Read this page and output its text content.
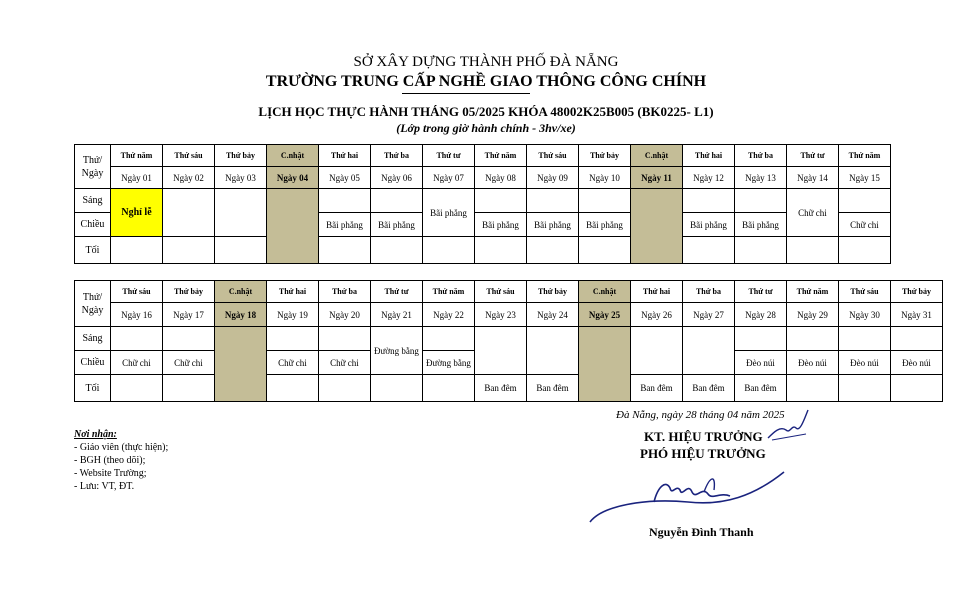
SỞ XÂY DỰNG THÀNH PHỐ ĐÀ NẴNG
TRƯỜNG TRUNG CẤP NGHỀ GIAO THÔNG CÔNG CHÍNH
LỊCH HỌC THỰC HÀNH THÁNG 05/2025 KHÓA 48002K25B005 (BK0225- L1)
(Lớp trong giờ hành chính - 3hv/xe)
Thứ/ Ngày	Thứ năm	Thứ sáu	Thứ bảy	C.nhật	Thứ hai	Thứ ba	Thứ tư	Thứ năm	Thứ sáu	Thứ bảy	C.nhật	Thứ hai	Thứ ba	Thứ tư	Thứ năm
	Ngày 01	Ngày 02	Ngày 03	Ngày 04	Ngày 05	Ngày 06	Ngày 07	Ngày 08	Ngày 09	Ngày 10	Ngày 11	Ngày 12	Ngày 13	Ngày 14	Ngày 15
Sáng	Nghỉ lễ						Bãi phẳng							Chữ chi	
Chiều					Bãi phẳng	Bãi phẳng		Bãi phẳng	Bãi phẳng	Bãi phẳng		Bãi phẳng	Bãi phẳng		Chữ chi
Tối															
Thứ/ Ngày	Thứ sáu	Thứ bảy	C.nhật	Thứ hai	Thứ ba	Thứ tư	Thứ năm	Thứ sáu	Thứ bảy	C.nhật	Thứ hai	Thứ ba	Thứ tư	Thứ năm	Thứ sáu	Thứ bảy	
	Ngày 16	Ngày 17	Ngày 18	Ngày 19	Ngày 20	Ngày 21	Ngày 22	Ngày 23	Ngày 24	Ngày 25	Ngày 26	Ngày 27	Ngày 28	Ngày 29	Ngày 30	Ngày 31	
Sáng						Đường bằng											
Chiều	Chữ chi	Chữ chi		Chữ chi	Chữ chi		Đường bằng						Đèo núi	Đèo núi	Đèo núi	Đèo núi	
Tối								Ban đêm	Ban đêm		Ban đêm	Ban đêm	Ban đêm				
Nơi nhận:
- Giáo viên (thực hiện);
- BGH (theo dõi);
- Website Trường;
- Lưu: VT, ĐT.
Đà Nẵng, ngày 28 tháng 04 năm 2025
KT. HIỆU TRƯỞNG
PHÓ HIỆU TRƯỞNG
Nguyễn Đình Thanh
